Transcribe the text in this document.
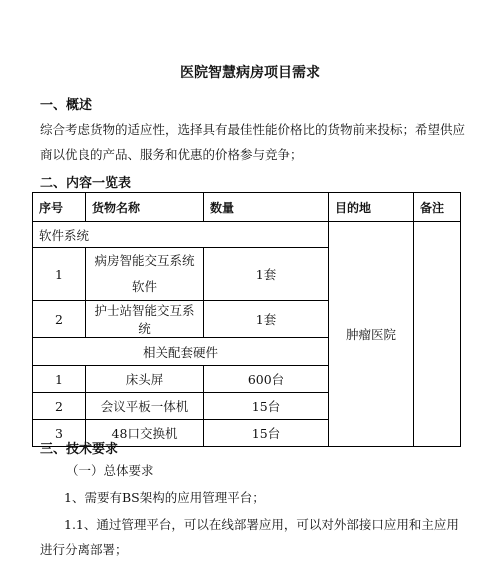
医院智慧病房项目需求
一、概述
综合考虑货物的适应性，选择具有最佳性能价格比的货物前来投标；希望供应商以优良的产品、服务和优惠的价格参与竞争；
二、内容一览表
序号	货物名称	数量	目的地	备注
软件系统			肿瘤医院	
1	病房智能交互系统软件	1套		
2	护士站智能交互系统	1套		
相关配套硬件				
1	床头屏	600台		
2	会议平板一体机	15台		
3	48口交换机	15台		
三、技术要求
（一）总体要求
1、需要有BS架构的应用管理平台；
1.1、通过管理平台，可以在线部署应用，可以对外部接口应用和主应用进行分离部署；
